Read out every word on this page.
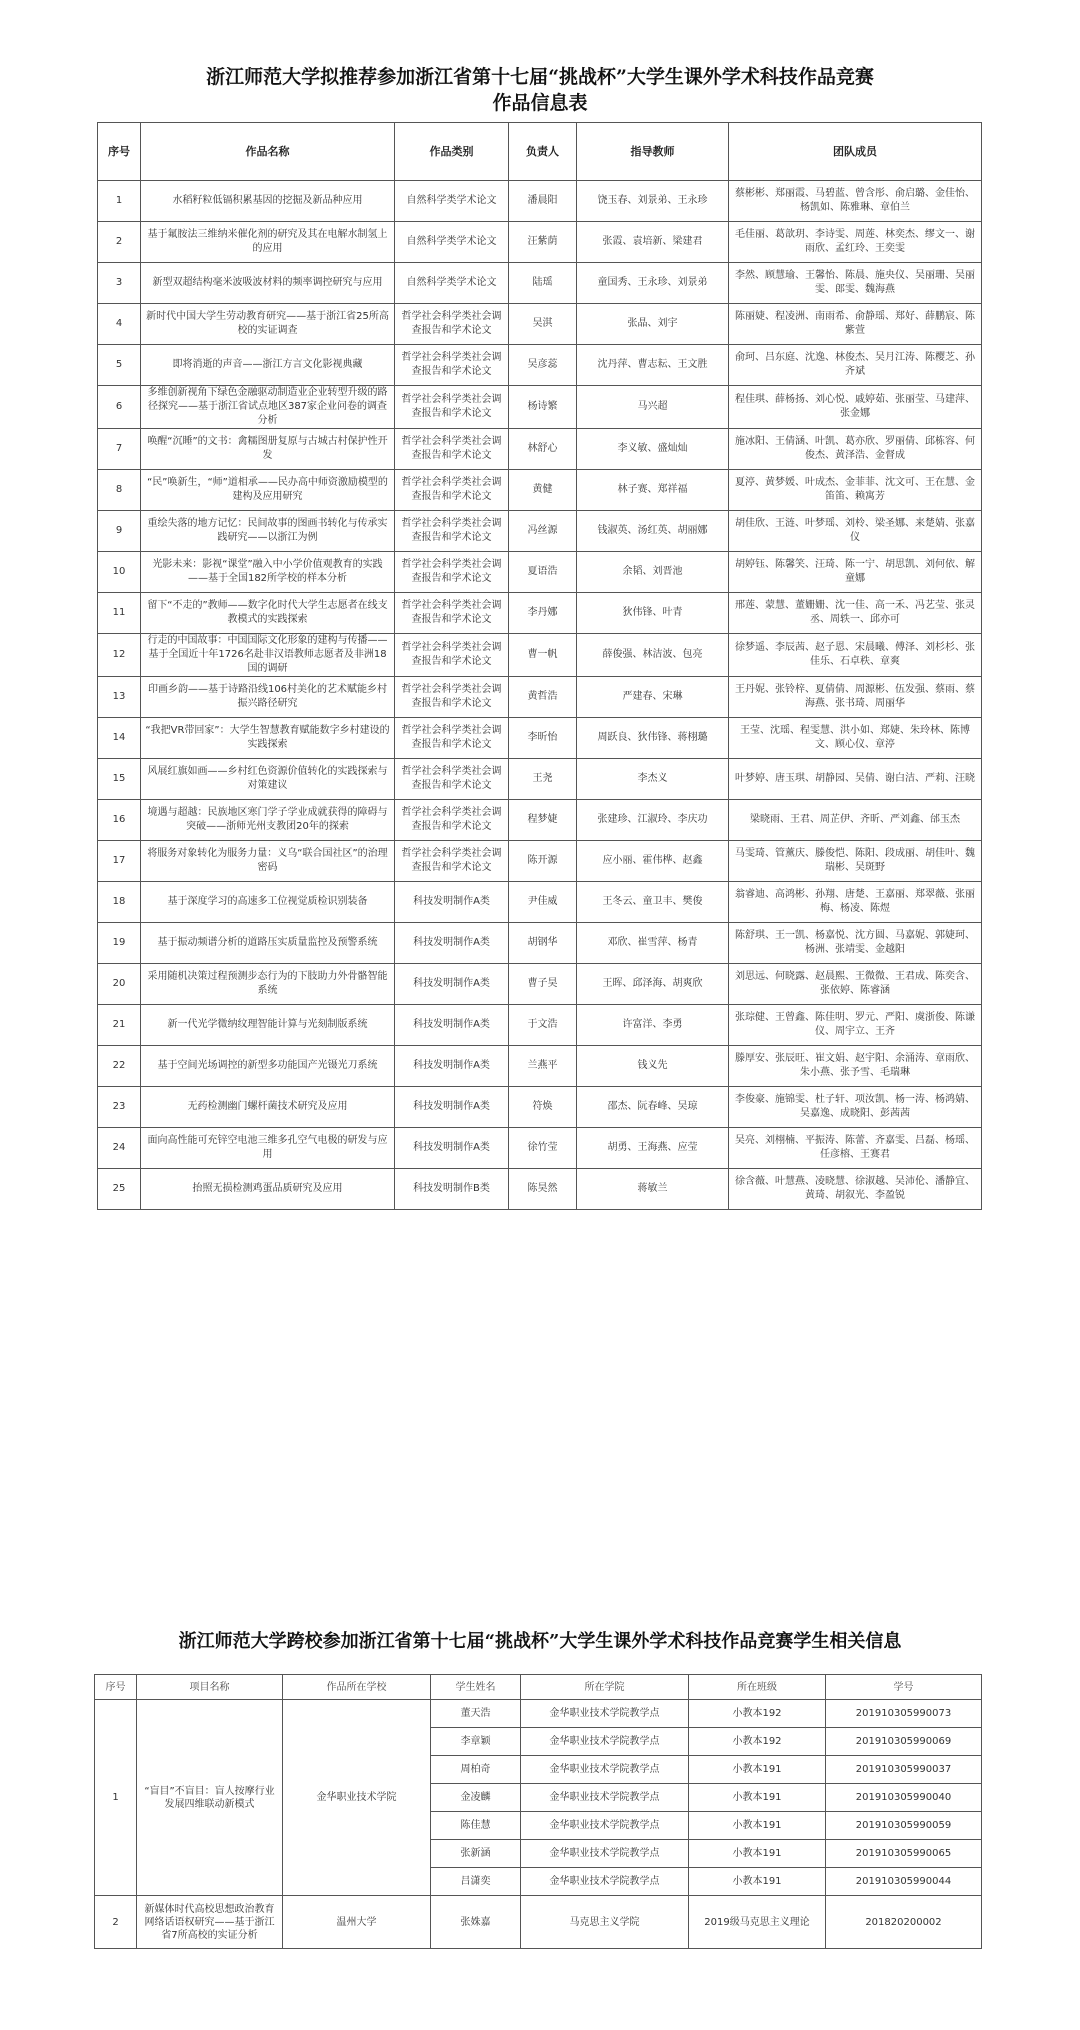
浙江师范大学拟推荐参加浙江省第十七届“挑战杯”大学生课外学术科技作品竞赛
作品信息表
序号	作品名称	作品类别	负责人	指导教师	团队成员
1	水稻籽粒低镉积累基因的挖掘及新品种应用	自然科学类学术论文	潘晨阳	饶玉春、刘景弟、王永珍	蔡彬彬、郑丽霞、马碧蓝、曾含彤、俞启璐、金佳怡、杨凯如、陈雅琳、章伯兰
2	基于氟胺法三维纳米催化剂的研究及其在电解水制氢上的应用	自然科学类学术论文	汪紫荫	张霞、袁培新、梁建君	毛佳丽、葛歆玥、李诗雯、周莲、林奕杰、缪文一、谢雨欣、孟红玲、王奕雯
3	新型双超结构毫米波吸波材料的频率调控研究与应用	自然科学类学术论文	陆瑶	童国秀、王永珍、刘景弟	李然、顾慧瑜、王馨怡、陈晨、施央仪、吴丽珊、吴丽雯、郎雯、魏海燕
4	新时代中国大学生劳动教育研究——基于浙江省25所高校的实证调查	哲学社会科学类社会调查报告和学术论文	吴淇	张晶、刘宇	陈丽婕、程凌洲、南雨希、俞静瑶、郑好、薛鹏宸、陈紫萱
5	即将消逝的声音——浙江方言文化影视典藏	哲学社会科学类社会调查报告和学术论文	吴彦蕊	沈丹萍、曹志耘、王文胜	俞珂、吕东庭、沈逸、林俊杰、吴月江涛、陈樱芝、孙齐斌
6	多维创新视角下绿色金融驱动制造业企业转型升级的路径探究——基于浙江省试点地区387家企业问卷的调查分析	哲学社会科学类社会调查报告和学术论文	杨诗繁	马兴超	程佳琪、薛杨扬、刘心悦、戚婷茹、张丽莹、马建萍、张金娜
7	唤醒“沉睡”的文书：禽糯图册复原与古城古村保护性开发	哲学社会科学类社会调查报告和学术论文	林舒心	李义敏、盛灿灿	施冰阳、王倩涵、叶凯、葛亦欣、罗丽倩、邱栋容、何俊杰、黄泽浩、金督成
8	“民”唤新生，“师”道相承——民办高中师资激励模型的建构及应用研究	哲学社会科学类社会调查报告和学术论文	黄健	林子赛、郑祥福	夏渟、黄梦媛、叶成杰、金菲菲、沈文可、王在慧、金笛笛、赖寓芳
9	重绘失落的地方记忆：民间故事的图画书转化与传承实践研究——以浙江为例	哲学社会科学类社会调查报告和学术论文	冯丝源	钱淑英、汤红英、胡丽娜	胡佳欣、王涟、叶梦瑶、刘柃、梁圣娜、来楚婧、张嘉仪
10	光影未来：影视“课堂”融入中小学价值观教育的实践——基于全国182所学校的样本分析	哲学社会科学类社会调查报告和学术论文	夏语浩	余韬、刘晋池	胡婷钰、陈馨笑、汪琦、陈一宁、胡思凯、刘何依、解童娜
11	留下“不走的”教师——数字化时代大学生志愿者在线支教模式的实践探索	哲学社会科学类社会调查报告和学术论文	李丹娜	狄伟锋、叶青	邢莲、蒙慧、董姗姗、沈一佳、高一禾、冯艺莹、张灵丞、周轶一、邱亦可
12	行走的中国故事：中国国际文化形象的建构与传播——基于全国近十年1726名赴非汉语教师志愿者及非洲18国的调研	哲学社会科学类社会调查报告和学术论文	曹一帆	薛俊强、林洁波、包亮	徐梦遥、李辰茜、赵子恩、宋晨曦、傅泽、刘杉杉、张佳乐、石卓秩、章爽
13	印画乡韵——基于诗路沿线106村美化的艺术赋能乡村振兴路径研究	哲学社会科学类社会调查报告和学术论文	黄哲浩	严建春、宋琳	王丹妮、张铃梓、夏倩倩、周源彬、伍发强、蔡雨、蔡海燕、张书琦、周丽华
14	“我把VR带回家”：大学生智慧教育赋能数字乡村建设的实践探索	哲学社会科学类社会调查报告和学术论文	李昕怡	周跃良、狄伟锋、蒋栩璐	王莹、沈瑶、程雯慧、洪小如、郑婕、朱玲林、陈博文、顾心仪、章渟
15	风展红旗如画——乡村红色资源价值转化的实践探索与对策建议	哲学社会科学类社会调查报告和学术论文	王尧	李杰义	叶梦婷、唐玉琪、胡静园、吴倩、谢白洁、严莉、汪晓
16	境遇与超越：民族地区寒门学子学业成就获得的障碍与突破——浙师光州支教团20年的探索	哲学社会科学类社会调查报告和学术论文	程梦婕	张建珍、江淑玲、李庆功	梁晓雨、王君、周芷伊、齐昕、严刘鑫、邰玉杰
17	将服务对象转化为服务力量：义乌“联合国社区”的治理密码	哲学社会科学类社会调查报告和学术论文	陈开源	应小丽、霍伟桦、赵鑫	马雯琦、管薰庆、滕俊恺、陈阳、段成丽、胡佳叶、魏瑞彬、吴斑野
18	基于深度学习的高速多工位视觉质检识别装备	科技发明制作A类	尹佳威	王冬云、童卫丰、樊俊	翁睿迪、高鸿彬、孙翔、唐楚、王嘉丽、郑翠薇、张丽梅、杨凌、陈煜
19	基于振动频谱分析的道路压实质量监控及预警系统	科技发明制作A类	胡钢华	邓欣、崔雪萍、杨青	陈舒琪、王一凯、杨嘉悦、沈方圆、马嘉妮、郭婕珂、杨洲、张靖雯、金越阳
20	采用随机决策过程预测步态行为的下肢助力外骨骼智能系统	科技发明制作A类	曹子昊	王晖、邱泽海、胡爽欣	刘思远、何晓露、赵晨熙、王微微、王君成、陈奕含、张依婷、陈睿涵
21	新一代光学微纳纹理智能计算与光刻制版系统	科技发明制作A类	于文浩	许富洋、李勇	张琮健、王曾鑫、陈佳明、罗元、严阳、虞浙俊、陈谦仪、周宇立、王齐
22	基于空间光场调控的新型多功能国产光镊光刀系统	科技发明制作A类	兰燕平	钱义先	滕厚安、张辰旺、崔文娟、赵宇阳、余涌涛、章雨欣、朱小燕、张予雪、毛瑞琳
23	无药检测幽门螺杆菌技术研究及应用	科技发明制作A类	符焕	邵杰、阮春峰、吴琼	李俊豪、施锦雯、杜子轩、项汝凯、杨一涛、杨鸿婧、吴嘉逸、成晓阳、彭茜茜
24	面向高性能可充锌空电池三维多孔空气电极的研发与应用	科技发明制作A类	徐竹莹	胡勇、王海燕、应莹	吴亮、刘栩楠、平振涛、陈蕾、齐嘉雯、吕磊、杨瑶、任彦榕、王赛君
25	抬照无损检测鸡蛋品质研究及应用	科技发明制作B类	陈昊然	蒋敏兰	徐含薇、叶慧燕、凌晓慧、徐淑越、吴沛伦、潘静宜、黄琦、胡叙光、李盈锐
浙江师范大学跨校参加浙江省第十七届“挑战杯”大学生课外学术科技作品竞赛学生相关信息
序号	项目名称	作品所在学校	学生姓名	所在学院	所在班级	学号
1	“盲目”不盲目：盲人按摩行业发展四维联动新模式	金华职业技术学院	董天浩	金华职业技术学院教学点	小教本192	201910305990073
			李章颖	金华职业技术学院教学点	小教本192	201910305990069
			周柏奇	金华职业技术学院教学点	小教本191	201910305990037
			金凌麟	金华职业技术学院教学点	小教本191	201910305990040
			陈佳慧	金华职业技术学院教学点	小教本191	201910305990059
			张新涵	金华职业技术学院教学点	小教本191	201910305990065
			吕潇奕	金华职业技术学院教学点	小教本191	201910305990044
2	新媒体时代高校思想政治教育网络话语权研究——基于浙江省7所高校的实证分析	温州大学	张姝嘉	马克思主义学院	2019级马克思主义理论	201820200002
